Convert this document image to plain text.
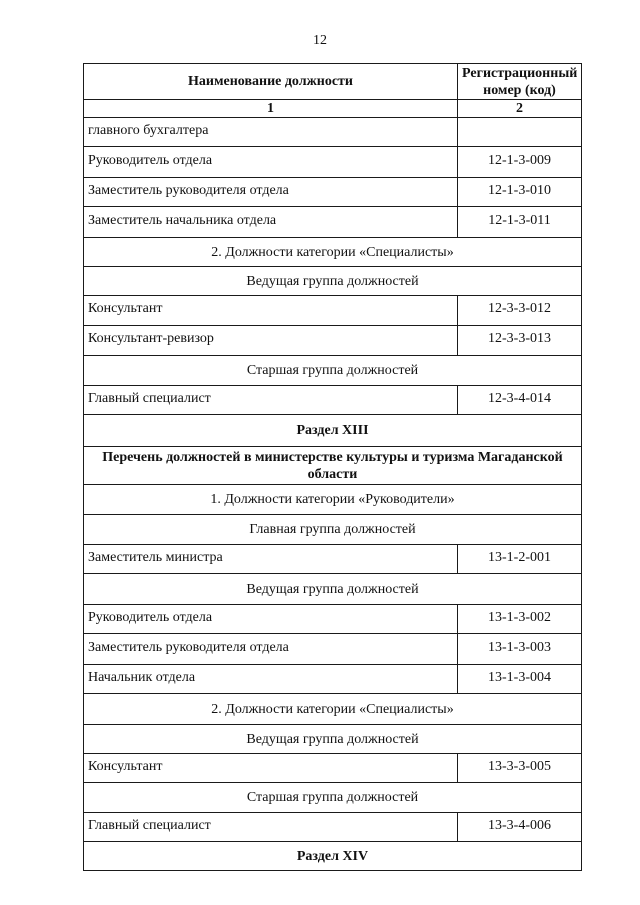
12
Наименование должности	Регистрационный номер (код)
1	2
главного бухгалтера	
Руководитель отдела	12-1-3-009
Заместитель руководителя отдела	12-1-3-010
Заместитель начальника отдела	12-1-3-011
2. Должности категории «Специалисты»	
Ведущая группа должностей	
Консультант	12-3-3-012
Консультант-ревизор	12-3-3-013
Старшая группа должностей	
Главный специалист	12-3-4-014
Раздел XIII	
Перечень должностей в министерстве культуры и туризма Магаданской области	
1. Должности категории «Руководители»	
Главная группа должностей	
Заместитель министра	13-1-2-001
Ведущая группа должностей	
Руководитель отдела	13-1-3-002
Заместитель руководителя отдела	13-1-3-003
Начальник отдела	13-1-3-004
2. Должности категории «Специалисты»	
Ведущая группа должностей	
Консультант	13-3-3-005
Старшая группа должностей	
Главный специалист	13-3-4-006
Раздел XIV	
